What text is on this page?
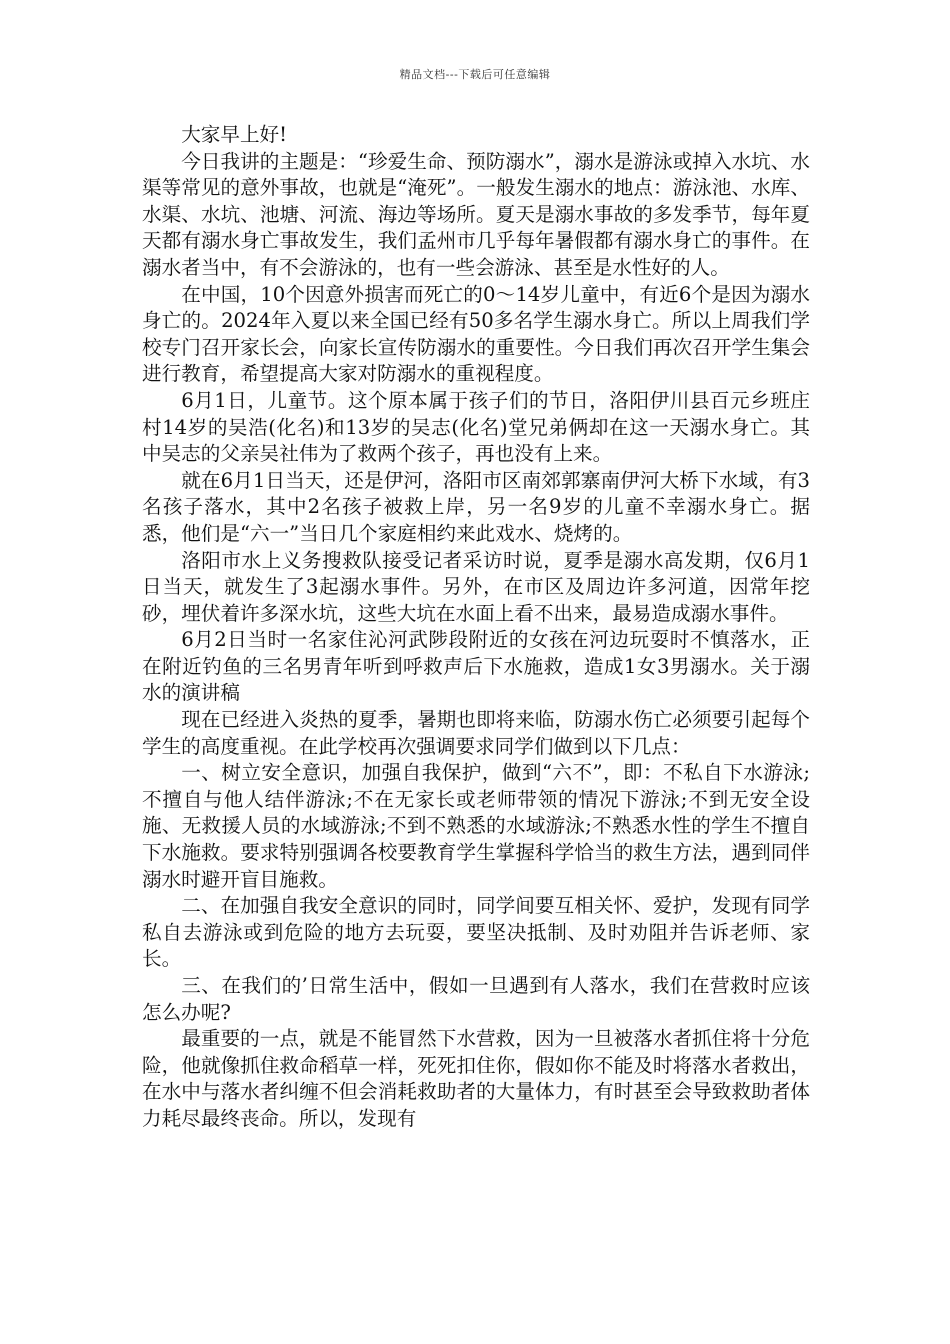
精品文档---下载后可任意编辑

大家早上好!

今日我讲的主题是：“珍爱生命、预防溺水”，溺水是游泳或掉入水坑、水渠等常见的意外事故，也就是“淹死”。一般发生溺水的地点：游泳池、水库、水渠、水坑、池塘、河流、海边等场所。夏天是溺水事故的多发季节，每年夏天都有溺水身亡事故发生，我们孟州市几乎每年暑假都有溺水身亡的事件。在溺水者当中，有不会游泳的，也有一些会游泳、甚至是水性好的人。

在中国，10个因意外损害而死亡的0～14岁儿童中，有近6个是因为溺水身亡的。2024年入夏以来全国已经有50多名学生溺水身亡。所以上周我们学校专门召开家长会，向家长宣传防溺水的重要性。今日我们再次召开学生集会进行教育，希望提高大家对防溺水的重视程度。

6月1日，儿童节。这个原本属于孩子们的节日，洛阳伊川县百元乡班庄村14岁的吴浩(化名)和13岁的吴志(化名)堂兄弟俩却在这一天溺水身亡。其中吴志的父亲吴社伟为了救两个孩子，再也没有上来。

就在6月1日当天，还是伊河，洛阳市区南郊郭寨南伊河大桥下水域，有3名孩子落水，其中2名孩子被救上岸，另一名9岁的儿童不幸溺水身亡。据悉，他们是“六一”当日几个家庭相约来此戏水、烧烤的。

洛阳市水上义务搜救队接受记者采访时说，夏季是溺水高发期，仅6月1日当天，就发生了3起溺水事件。另外，在市区及周边许多河道，因常年挖砂，埋伏着许多深水坑，这些大坑在水面上看不出来，最易造成溺水事件。

6月2日当时一名家住沁河武陟段附近的女孩在河边玩耍时不慎落水，正在附近钓鱼的三名男青年听到呼救声后下水施救，造成1女3男溺水。关于溺水的演讲稿

现在已经进入炎热的夏季，暑期也即将来临，防溺水伤亡必须要引起每个学生的高度重视。在此学校再次强调要求同学们做到以下几点：

一、树立安全意识，加强自我保护，做到“六不”，即：不私自下水游泳;不擅自与他人结伴游泳;不在无家长或老师带领的情况下游泳;不到无安全设施、无救援人员的水域游泳;不到不熟悉的水域游泳;不熟悉水性的学生不擅自下水施救。要求特别强调各校要教育学生掌握科学恰当的救生方法，遇到同伴溺水时避开盲目施救。

二、在加强自我安全意识的同时，同学间要互相关怀、爱护，发现有同学私自去游泳或到危险的地方去玩耍，要坚决抵制、及时劝阻并告诉老师、家长。

三、在我们的’日常生活中，假如一旦遇到有人落水，我们在营救时应该怎么办呢?

最重要的一点，就是不能冒然下水营救，因为一旦被落水者抓住将十分危险，他就像抓住救命稻草一样，死死扣住你，假如你不能及时将落水者救出，在水中与落水者纠缠不但会消耗救助者的大量体力，有时甚至会导致救助者体力耗尽最终丧命。所以，发现有
